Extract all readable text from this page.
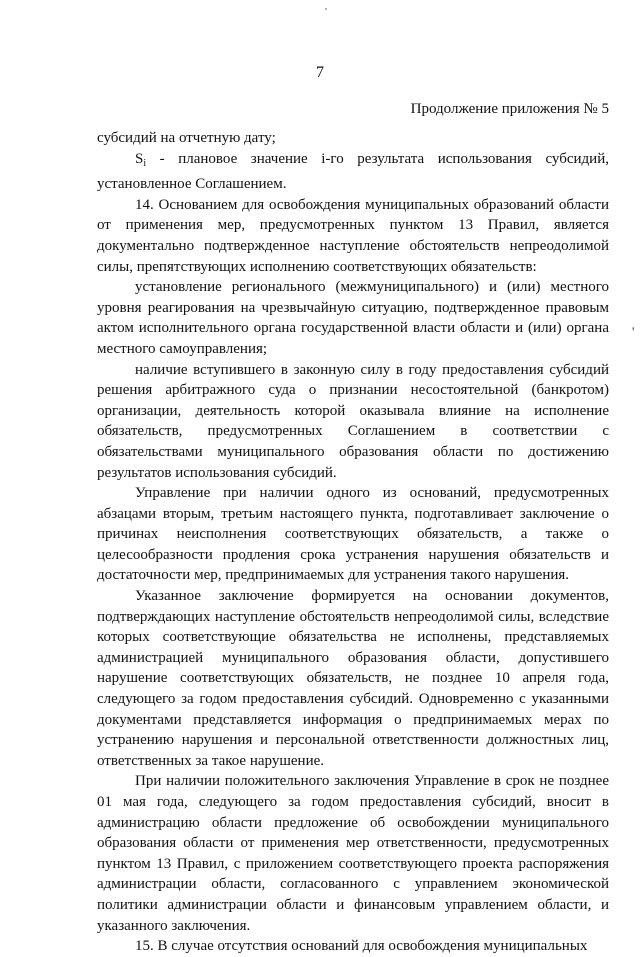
7
Продолжение приложения № 5

субсидий на отчетную дату;

$S_i$ - плановое значение i-го результата использования субсидий, установленное Соглашением.

14. Основанием для освобождения муниципальных образований области от применения мер, предусмотренных пунктом 13 Правил, является документально подтвержденное наступление обстоятельств непреодолимой силы, препятствующих исполнению соответствующих обязательств:

установление регионального (межмуниципального) и (или) местного уровня реагирования на чрезвычайную ситуацию, подтвержденное правовым актом исполнительного органа государственной власти области и (или) органа местного самоуправления;

наличие вступившего в законную силу в году предоставления субсидий решения арбитражного суда о признании несостоятельной (банкротом) организации, деятельность которой оказывала влияние на исполнение обязательств, предусмотренных Соглашением в соответствии с обязательствами муниципального образования области по достижению результатов использования субсидий.

Управление при наличии одного из оснований, предусмотренных абзацами вторым, третьим настоящего пункта, подготавливает заключение о причинах неисполнения соответствующих обязательств, а также о целесообразности продления срока устранения нарушения обязательств и достаточности мер, предпринимаемых для устранения такого нарушения.

Указанное заключение формируется на основании документов, подтверждающих наступление обстоятельств непреодолимой силы, вследствие которых соответствующие обязательства не исполнены, представляемых администрацией муниципального образования области, допустившего нарушение соответствующих обязательств, не позднее 10 апреля года, следующего за годом предоставления субсидий. Одновременно с указанными документами представляется информация о предпринимаемых мерах по устранению нарушения и персональной ответственности должностных лиц, ответственных за такое нарушение.

При наличии положительного заключения Управление в срок не позднее 01 мая года, следующего за годом предоставления субсидий, вносит в администрацию области предложение об освобождении муниципального образования области от применения мер ответственности, предусмотренных пунктом 13 Правил, с приложением соответствующего проекта распоряжения администрации области, согласованного с управлением экономической политики администрации области и финансовым управлением области, и указанного заключения.

15. В случае отсутствия оснований для освобождения муниципальных

'
